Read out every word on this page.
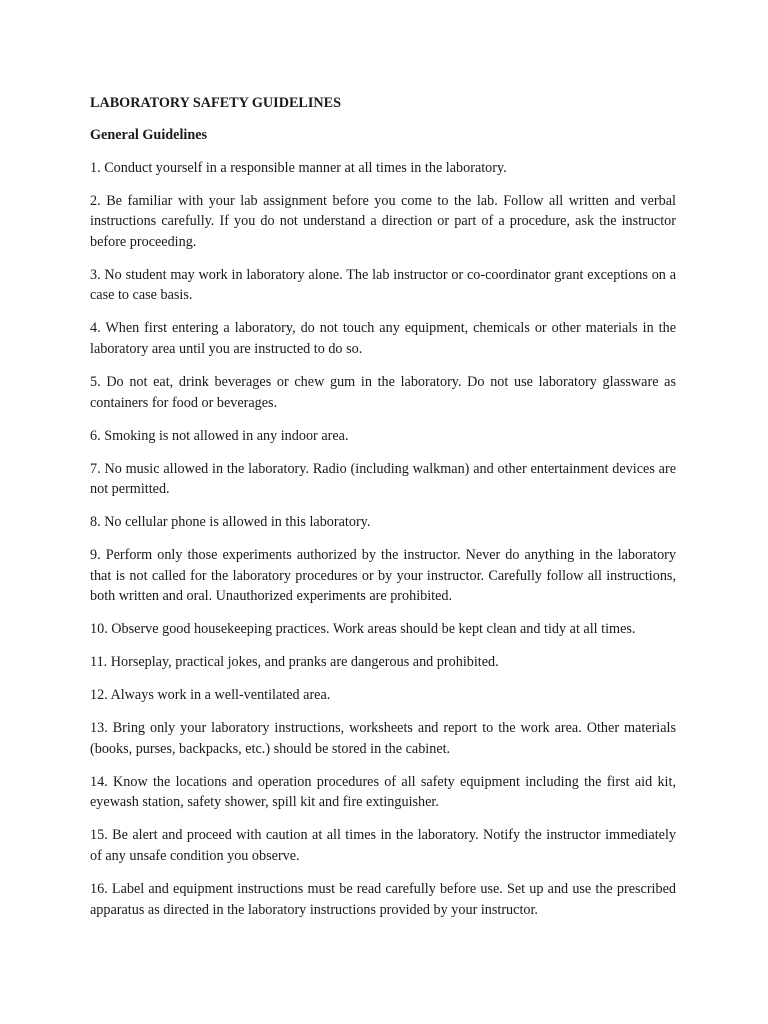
LABORATORY SAFETY GUIDELINES
General Guidelines

1. Conduct yourself in a responsible manner at all times in the laboratory.

2. Be familiar with your lab assignment before you come to the lab. Follow all written and verbal instructions carefully. If you do not understand a direction or part of a procedure, ask the instructor before proceeding.

3. No student may work in laboratory alone. The lab instructor or co-coordinator grant exceptions on a case to case basis.

4. When first entering a laboratory, do not touch any equipment, chemicals or other materials in the laboratory area until you are instructed to do so.

5. Do not eat, drink beverages or chew gum in the laboratory. Do not use laboratory glassware as containers for food or beverages.

6. Smoking is not allowed in any indoor area.

7. No music allowed in the laboratory. Radio (including walkman) and other entertainment devices are not permitted.

8. No cellular phone is allowed in this laboratory.

9. Perform only those experiments authorized by the instructor. Never do anything in the laboratory that is not called for the laboratory procedures or by your instructor. Carefully follow all instructions, both written and oral. Unauthorized experiments are prohibited.

10. Observe good housekeeping practices. Work areas should be kept clean and tidy at all times.

11. Horseplay, practical jokes, and pranks are dangerous and prohibited.

12. Always work in a well-ventilated area.

13. Bring only your laboratory instructions, worksheets and report to the work area. Other materials (books, purses, backpacks, etc.) should be stored in the cabinet.

14. Know the locations and operation procedures of all safety equipment including the first aid kit, eyewash station, safety shower, spill kit and fire extinguisher.

15. Be alert and proceed with caution at all times in the laboratory. Notify the instructor immediately of any unsafe condition you observe.

16. Label and equipment instructions must be read carefully before use. Set up and use the prescribed apparatus as directed in the laboratory instructions provided by your instructor.
